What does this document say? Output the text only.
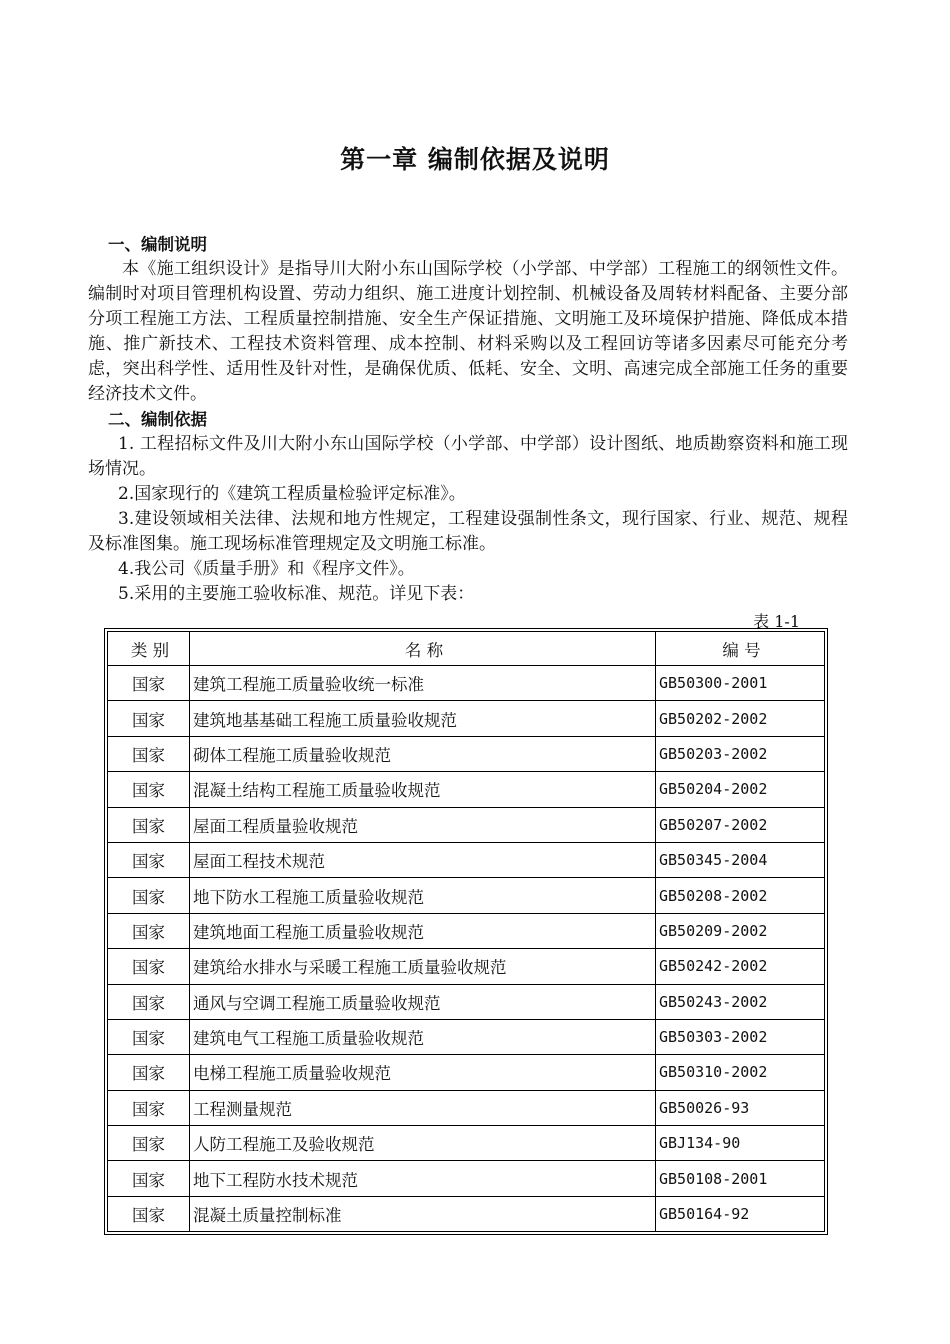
第一章 编制依据及说明
一、编制说明

本《施工组织设计》是指导川大附小东山国际学校（小学部、中学部）工程施工的纲领性文件。编制时对项目管理机构设置、劳动力组织、施工进度计划控制、机械设备及周转材料配备、主要分部分项工程施工方法、工程质量控制措施、安全生产保证措施、文明施工及环境保护措施、降低成本措施、推广新技术、工程技术资料管理、成本控制、材料采购以及工程回访等诸多因素尽可能充分考虑，突出科学性、适用性及针对性，是确保优质、低耗、安全、文明、高速完成全部施工任务的重要经济技术文件。

二、编制依据

1. 工程招标文件及川大附小东山国际学校（小学部、中学部）设计图纸、地质勘察资料和施工现场情况。

2.国家现行的《建筑工程质量检验评定标准》。

3.建设领域相关法律、法规和地方性规定，工程建设强制性条文，现行国家、行业、规范、规程及标准图集。施工现场标准管理规定及文明施工标准。

4.我公司《质量手册》和《程序文件》。

5.采用的主要施工验收标准、规范。详见下表：

表 1-1
类 别	名 称	编 号
国家	建筑工程施工质量验收统一标准	GB50300-2001
国家	建筑地基基础工程施工质量验收规范	GB50202-2002
国家	砌体工程施工质量验收规范	GB50203-2002
国家	混凝土结构工程施工质量验收规范	GB50204-2002
国家	屋面工程质量验收规范	GB50207-2002
国家	屋面工程技术规范	GB50345-2004
国家	地下防水工程施工质量验收规范	GB50208-2002
国家	建筑地面工程施工质量验收规范	GB50209-2002
国家	建筑给水排水与采暖工程施工质量验收规范	GB50242-2002
国家	通风与空调工程施工质量验收规范	GB50243-2002
国家	建筑电气工程施工质量验收规范	GB50303-2002
国家	电梯工程施工质量验收规范	GB50310-2002
国家	工程测量规范	GB50026-93
国家	人防工程施工及验收规范	GBJ134-90
国家	地下工程防水技术规范	GB50108-2001
国家	混凝土质量控制标准	GB50164-92
